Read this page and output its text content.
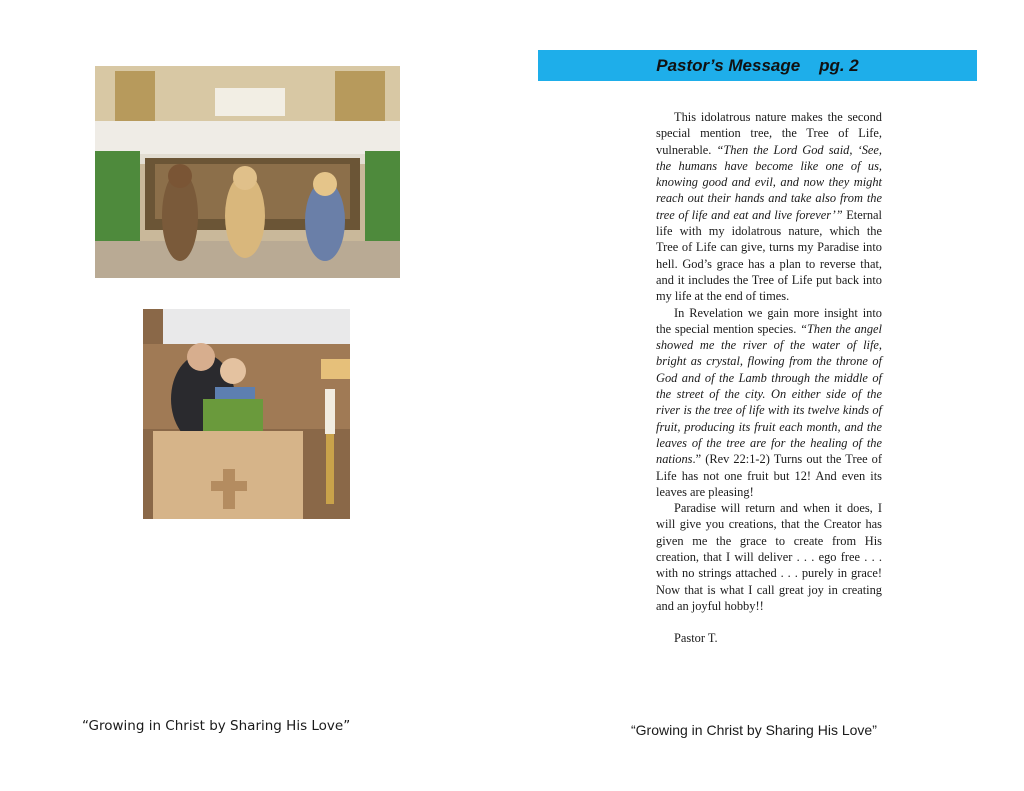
“Growing in Christ by Sharing His Love”
Pastor’s Message    pg. 2

This idolatrous nature makes the second special mention tree, the Tree of Life, vulnerable. “Then the Lord God said, ‘See, the humans have become like one of us, knowing good and evil, and now they might reach out their hands and take also from the tree of life and eat and live forever’” Eternal life with my idolatrous nature, which the Tree of Life can give, turns my Paradise into hell. God’s grace has a plan to reverse that, and it includes the Tree of Life put back into my life at the end of times.

In Revelation we gain more insight into the special mention species. “Then the angel showed me the river of the water of life, bright as crystal, flowing from the throne of God and of the Lamb through the middle of the street of the city. On either side of the river is the tree of life with its twelve kinds of fruit, producing its fruit each month, and the leaves of the tree are for the healing of the nations.” (Rev 22:1-2) Turns out the Tree of Life has not one fruit but 12! And even its leaves are pleasing!

Paradise will return and when it does, I will give you creations, that the Creator has given me the grace to create from His creation, that I will deliver . . . ego free . . . with no strings attached . . . purely in grace! Now that is what I call great joy in creating and an joyful hobby!!

Pastor T.

“Growing in Christ by Sharing His Love”
